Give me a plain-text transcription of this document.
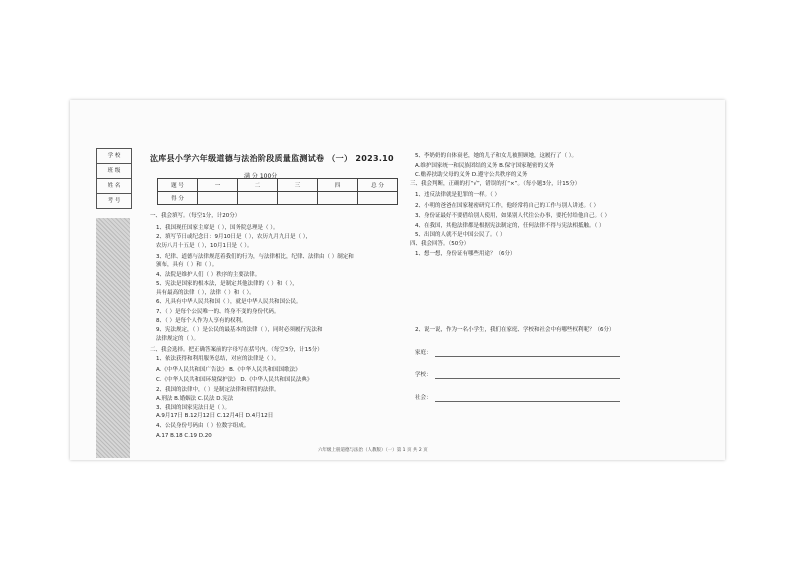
学 校
班 级
姓 名
考 号
汯库县小学六年级道德与法治阶段质量监测试卷 （一） 2023.10
满 分 100分
题 号	一	二	三	四	总 分
得 分					
一、我会填写。（每空1分，计20分）
1、我国现任国家主席是（ ），国务院总理是（ ）。
2、填写节日或纪念日：9月10日是（ ），农历九月九日是（ ），
农历八月十五是（ ），10月1日是（ ）。
3、纪律、道德与法律规范着我们的行为，与法律相比，纪律、法律由（ ）制定和
颁布，具有（ ）和（ ）。
4、法院是维护人们（ ）秩序的主要法律。
5、宪法是国家的根本法，是制定其他法律的（ ）和（ ），
具有最高的法律（ ），法律（ ）和（ ）。
6、凡具有中华人民共和国（ ），就是中华人民共和国公民。
7、（ ）是每个公民唯一的、终身不变的身份代码。
8、（ ）是每个人作为人享有的权利。
9、宪法规定，（ ）是公民的最基本的法律（ ），同时必须履行宪法和
法律规定的（ ）。
二、我会选择。把正确答案前的字母写在括号内。（每空3分，计15分）
1、依法获得和利用服务总结，对应的法律是（ ）。
A.《中华人民共和国广告法》 B.《中华人民共和国国歌法》
C.《中华人民共和国环境保护法》 D.《中华人民共和国民法典》
2、我国的法律中，（ ）是制定法律和刑罚的法律。
A.刑法 B.婚姻法 C.民法 D.宪法
3、我国的国家宪法日是（ ）。
A.9月17日 B.12月12日 C.12月4日 D.4月12日
4、公民身份号码由（ ）位数字组成。
A.17 B.18 C.19 D.20
5、李奶奶的自体衰老，她的儿子和女儿被照顾她，这履行了（ ）。
A.维护国家统一和民族团结的义务 B.保守国家秘密的义务
C.赡养扶助父母的义务 D.遵守公共秩序的义务
三、我会判断，正确的打“√”，错误的打“×”。（每小题3分，计15分）
1、违反法律就是犯罪的一样。（ ）
2、小明的爸爸在国家秘密研究工作，他经常将自己的工作与别人讲述。（ ）
3、身份证最好不要借给别人使用，如果别人代往公办事，要托付给他自己。（ ）
4、在我国，其他法律都是根据宪法制定的，任何法律不得与宪法相抵触。（ ）
5、出国的人就不是中国公民了。（ ）
四、我会回答。（50分）
1、想一想，身份证有哪些用途？（6分）
2、说一说，作为一名小学生，我们在家庭、学校和社会中有哪些权利呢？（6分）
家庭：
学校：
社会：
六年级上册道德与法治（人教版）（一）第 1 页 共 2 页
